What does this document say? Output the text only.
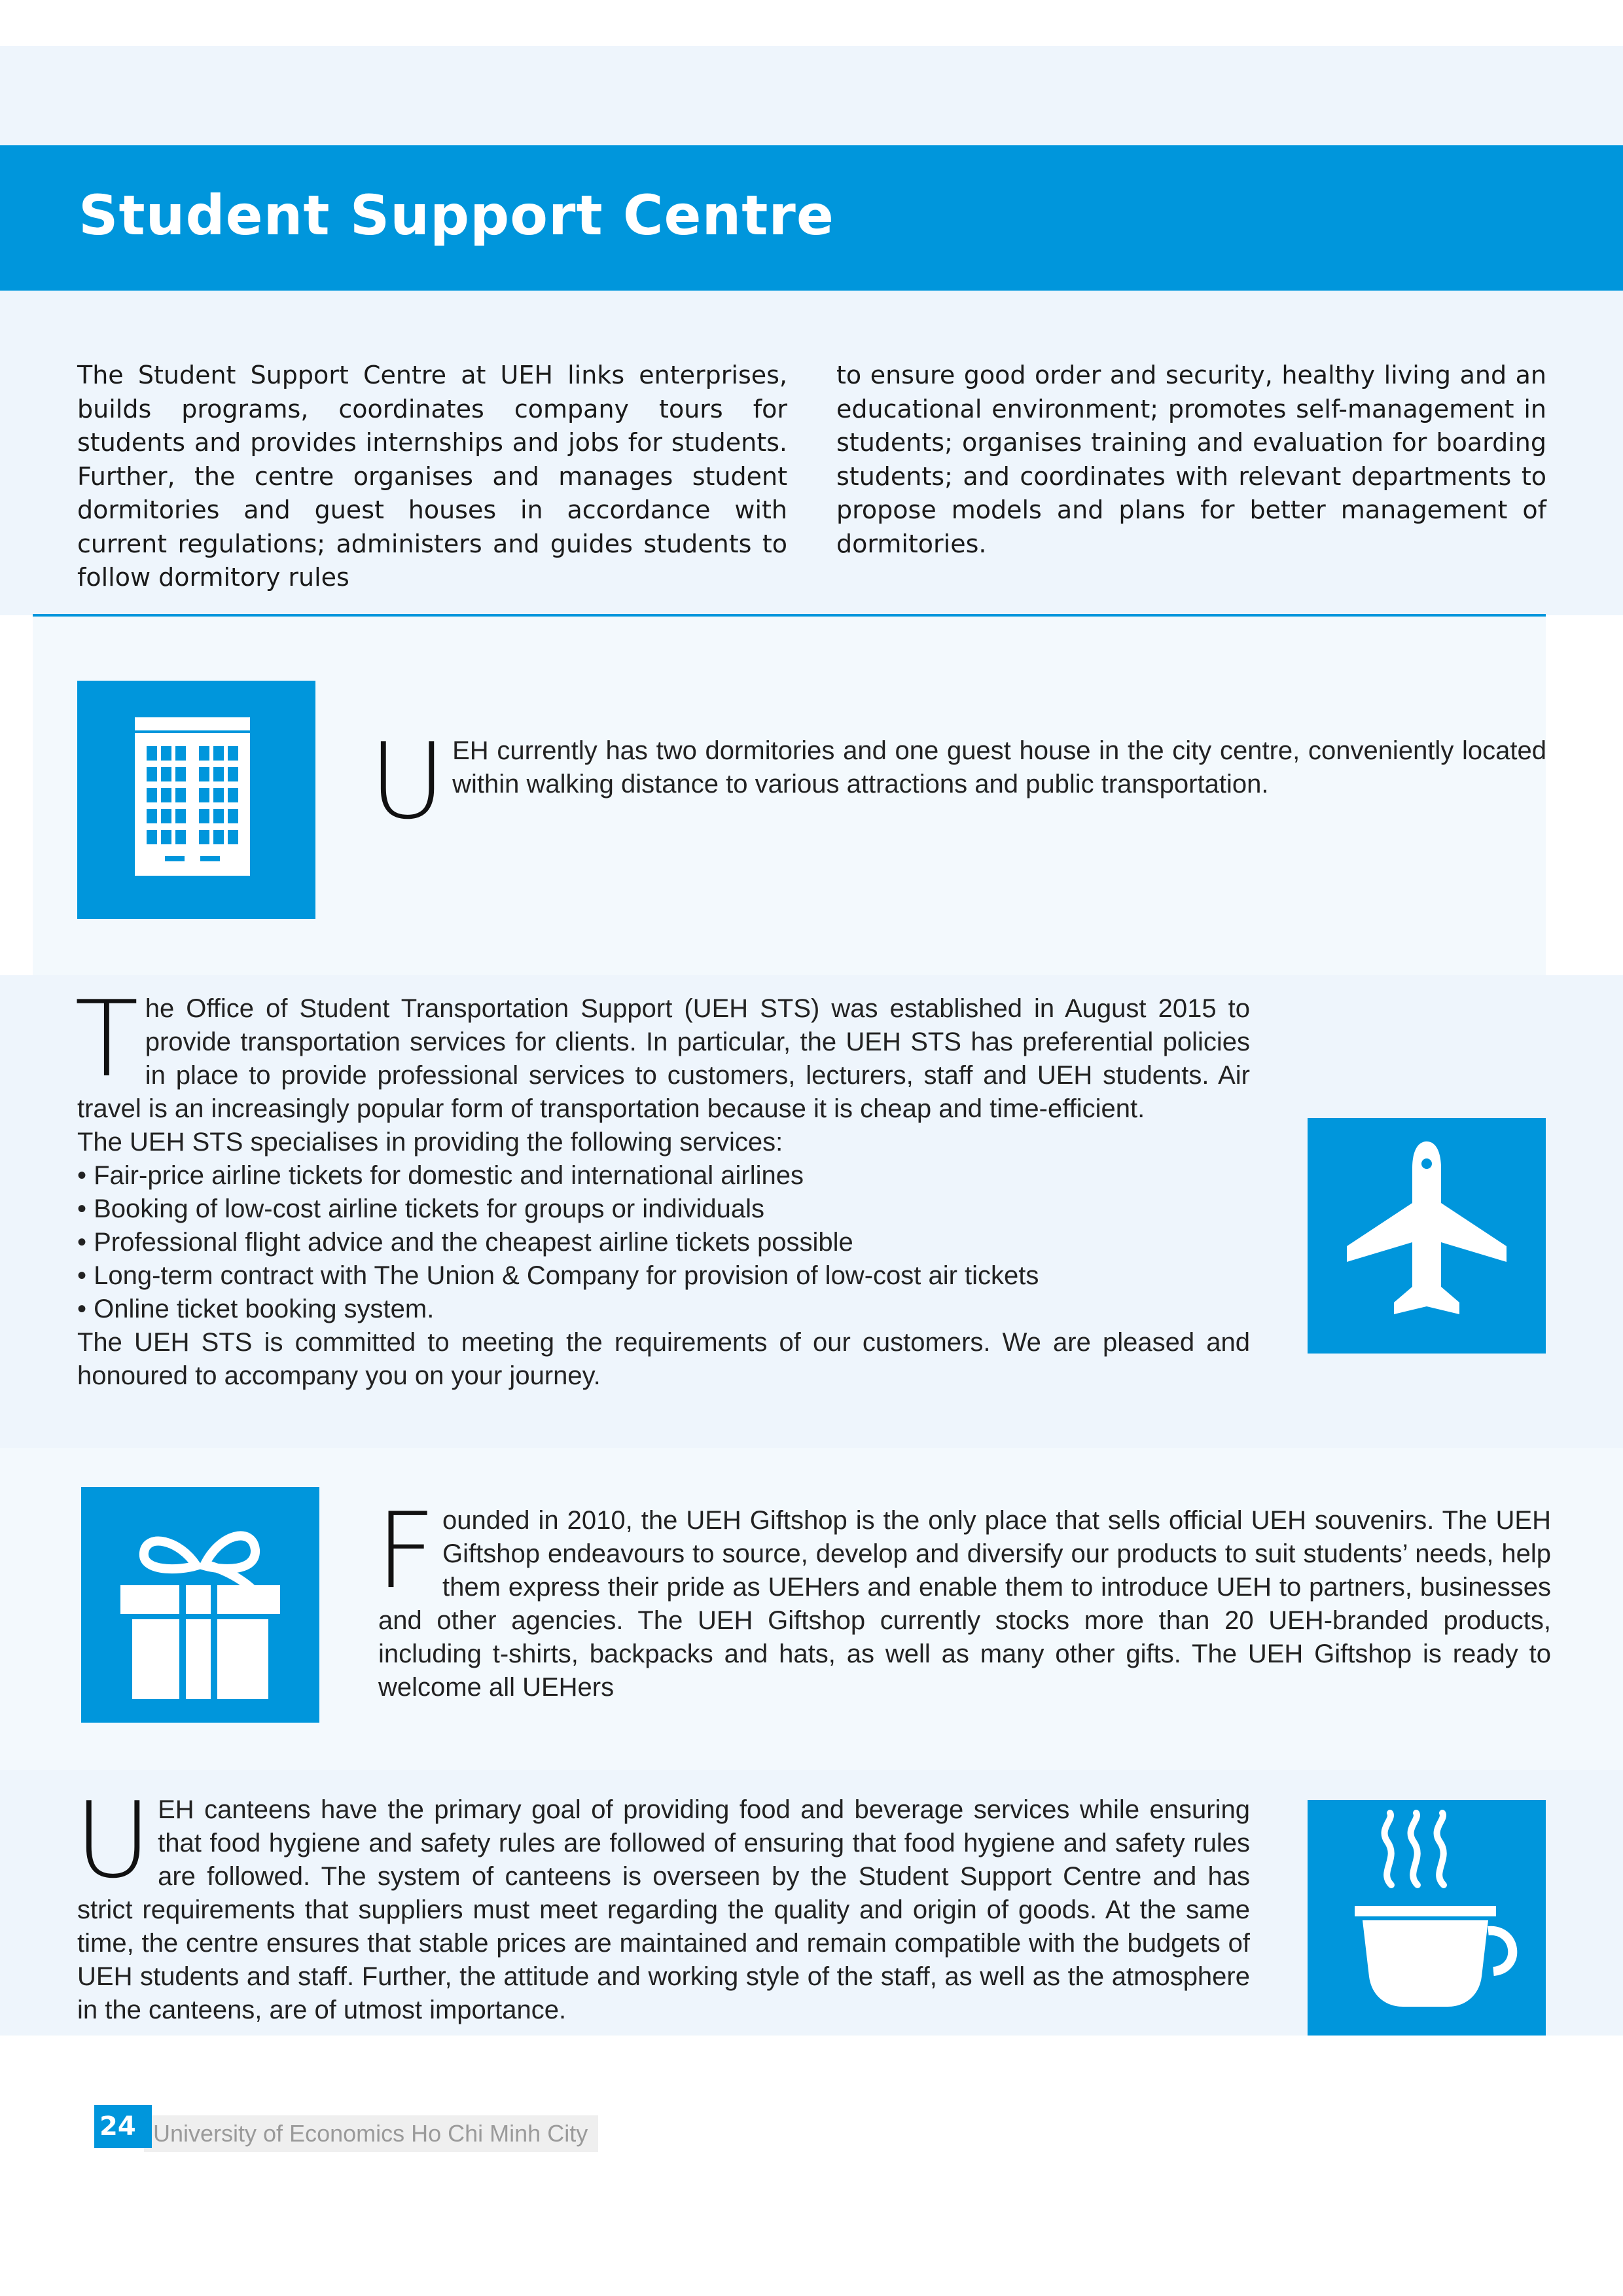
Student Support Centre
The Student Support Centre at UEH links enterprises, builds programs, coordinates company tours for students and provides internships and jobs for students. Further, the centre organises and manages student dormitories and guest houses in accordance with current regulations; administers and guides students to follow dormitory rules
to ensure good order and security, healthy living and an educational environment; promotes self-management in students; organises training and evaluation for boarding students; and coordinates with relevant departments to propose models and plans for better management of dormitories.
U EH currently has two dormitories and one guest house in the city centre, conveniently located within walking distance to various attractions and public transportation.
T he Office of Student Transportation Support (UEH STS) was established in August 2015 to provide transportation services for clients. In particular, the UEH STS has preferential policies in place to provide professional services to customers, lecturers, staff and UEH students. Air travel is an increasingly popular form of transportation because it is cheap and time-efficient.
The UEH STS specialises in providing the following services:
• Fair-price airline tickets for domestic and international airlines
• Booking of low-cost airline tickets for groups or individuals
• Professional flight advice and the cheapest airline tickets possible
• Long-term contract with The Union & Company for provision of low-cost air tickets
• Online ticket booking system.
The UEH STS is committed to meeting the requirements of our customers. We are pleased and honoured to accompany you on your journey.
F ounded in 2010, the UEH Giftshop is the only place that sells official UEH souvenirs. The UEH Giftshop endeavours to source, develop and diversify our products to suit students’ needs, help them express their pride as UEHers and enable them to introduce UEH to partners, businesses and other agencies. The UEH Giftshop currently stocks more than 20 UEH-branded products, including t-shirts, backpacks and hats, as well as many other gifts. The UEH Giftshop is ready to welcome all UEHers
U EH canteens have the primary goal of providing food and beverage services while ensuring that food hygiene and safety rules are followed of ensuring that food hygiene and safety rules are followed. The system of canteens is overseen by the Student Support Centre and has strict requirements that suppliers must meet regarding the quality and origin of goods. At the same time, the centre ensures that stable prices are maintained and remain compatible with the budgets of UEH students and staff. Further, the attitude and working style of the staff, as well as the atmosphere in the canteens, are of utmost importance.
University of Economics Ho Chi Minh City
24
